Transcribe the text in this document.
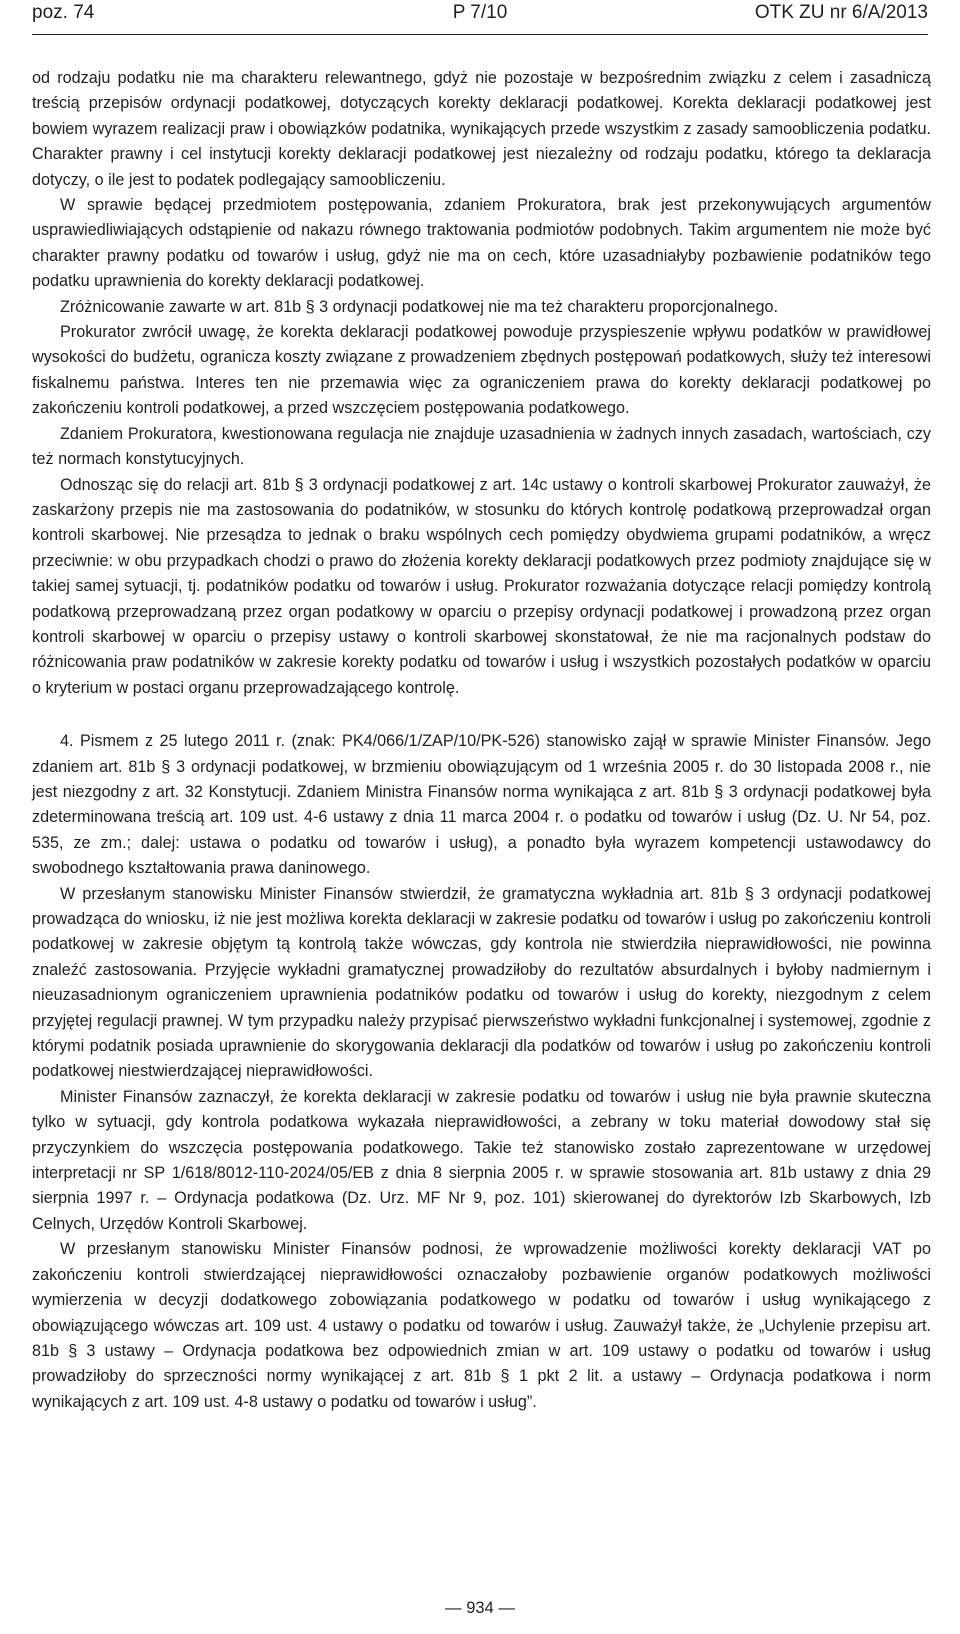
poz. 74	P 7/10	OTK ZU nr 6/A/2013

od rodzaju podatku nie ma charakteru relewantnego, gdyż nie pozostaje w bezpośrednim związku z celem i zasadniczą treścią przepisów ordynacji podatkowej, dotyczących korekty deklaracji podatkowej. Korekta deklaracji podatkowej jest bowiem wyrazem realizacji praw i obowiązków podatnika, wynikających przede wszystkim z zasady samoobliczenia podatku. Charakter prawny i cel instytucji korekty deklaracji podatkowej jest niezależny od rodzaju podatku, którego ta deklaracja dotyczy, o ile jest to podatek podlegający samoobliczeniu.

W sprawie będącej przedmiotem postępowania, zdaniem Prokuratora, brak jest przekonywujących argumentów usprawiedliwiających odstąpienie od nakazu równego traktowania podmiotów podobnych. Takim argumentem nie może być charakter prawny podatku od towarów i usług, gdyż nie ma on cech, które uzasadniałyby pozbawienie podatników tego podatku uprawnienia do korekty deklaracji podatkowej.

Zróżnicowanie zawarte w art. 81b § 3 ordynacji podatkowej nie ma też charakteru proporcjonalnego.

Prokurator zwrócił uwagę, że korekta deklaracji podatkowej powoduje przyspieszenie wpływu podatków w prawidłowej wysokości do budżetu, ogranicza koszty związane z prowadzeniem zbędnych postępowań podatkowych, służy też interesowi fiskalnemu państwa. Interes ten nie przemawia więc za ograniczeniem prawa do korekty deklaracji podatkowej po zakończeniu kontroli podatkowej, a przed wszczęciem postępowania podatkowego.

Zdaniem Prokuratora, kwestionowana regulacja nie znajduje uzasadnienia w żadnych innych zasadach, wartościach, czy też normach konstytucyjnych.

Odnosząc się do relacji art. 81b § 3 ordynacji podatkowej z art. 14c ustawy o kontroli skarbowej Prokurator zauważył, że zaskarżony przepis nie ma zastosowania do podatników, w stosunku do których kontrolę podatkową przeprowadzał organ kontroli skarbowej. Nie przesądza to jednak o braku wspólnych cech pomiędzy obydwiema grupami podatników, a wręcz przeciwnie: w obu przypadkach chodzi o prawo do złożenia korekty deklaracji podatkowych przez podmioty znajdujące się w takiej samej sytuacji, tj. podatników podatku od towarów i usług. Prokurator rozważania dotyczące relacji pomiędzy kontrolą podatkową przeprowadzaną przez organ podatkowy w oparciu o przepisy ordynacji podatkowej i prowadzoną przez organ kontroli skarbowej w oparciu o przepisy ustawy o kontroli skarbowej skonstatował, że nie ma racjonalnych podstaw do różnicowania praw podatników w zakresie korekty podatku od towarów i usług i wszystkich pozostałych podatków w oparciu o kryterium w postaci organu przeprowadzającego kontrolę.

4. Pismem z 25 lutego 2011 r. (znak: PK4/066/1/ZAP/10/PK-526) stanowisko zajął w sprawie Minister Finansów. Jego zdaniem art. 81b § 3 ordynacji podatkowej, w brzmieniu obowiązującym od 1 września 2005 r. do 30 listopada 2008 r., nie jest niezgodny z art. 32 Konstytucji. Zdaniem Ministra Finansów norma wynikająca z art. 81b § 3 ordynacji podatkowej była zdeterminowana treścią art. 109 ust. 4-6 ustawy z dnia 11 marca 2004 r. o podatku od towarów i usług (Dz. U. Nr 54, poz. 535, ze zm.; dalej: ustawa o podatku od towarów i usług), a ponadto była wyrazem kompetencji ustawodawcy do swobodnego kształtowania prawa daninowego.

W przesłanym stanowisku Minister Finansów stwierdził, że gramatyczna wykładnia art. 81b § 3 ordynacji podatkowej prowadząca do wniosku, iż nie jest możliwa korekta deklaracji w zakresie podatku od towarów i usług po zakończeniu kontroli podatkowej w zakresie objętym tą kontrolą także wówczas, gdy kontrola nie stwierdziła nieprawidłowości, nie powinna znaleźć zastosowania. Przyjęcie wykładni gramatycznej prowadziłoby do rezultatów absurdalnych i byłoby nadmiernym i nieuzasadnionym ograniczeniem uprawnienia podatników podatku od towarów i usług do korekty, niezgodnym z celem przyjętej regulacji prawnej. W tym przypadku należy przypisać pierwszeństwo wykładni funkcjonalnej i systemowej, zgodnie z którymi podatnik posiada uprawnienie do skorygowania deklaracji dla podatków od towarów i usług po zakończeniu kontroli podatkowej niestwierdzającej nieprawidłowości.

Minister Finansów zaznaczył, że korekta deklaracji w zakresie podatku od towarów i usług nie była prawnie skuteczna tylko w sytuacji, gdy kontrola podatkowa wykazała nieprawidłowości, a zebrany w toku materiał dowodowy stał się przyczynkiem do wszczęcia postępowania podatkowego. Takie też stanowisko zostało zaprezentowane w urzędowej interpretacji nr SP 1/618/8012-110-2024/05/EB z dnia 8 sierpnia 2005 r. w sprawie stosowania art. 81b ustawy z dnia 29 sierpnia 1997 r. – Ordynacja podatkowa (Dz. Urz. MF Nr 9, poz. 101) skierowanej do dyrektorów Izb Skarbowych, Izb Celnych, Urzędów Kontroli Skarbowej.

W przesłanym stanowisku Minister Finansów podnosi, że wprowadzenie możliwości korekty deklaracji VAT po zakończeniu kontroli stwierdzającej nieprawidłowości oznaczałoby pozbawienie organów podatkowych możliwości wymierzenia w decyzji dodatkowego zobowiązania podatkowego w podatku od towarów i usług wynikającego z obowiązującego wówczas art. 109 ust. 4 ustawy o podatku od towarów i usług. Zauważył także, że „Uchylenie przepisu art. 81b § 3 ustawy – Ordynacja podatkowa bez odpowiednich zmian w art. 109 ustawy o podatku od towarów i usług prowadziłoby do sprzeczności normy wynikającej z art. 81b § 1 pkt 2 lit. a ustawy – Ordynacja podatkowa i norm wynikających z art. 109 ust. 4-8 ustawy o podatku od towarów i usług”.

— 934 —
